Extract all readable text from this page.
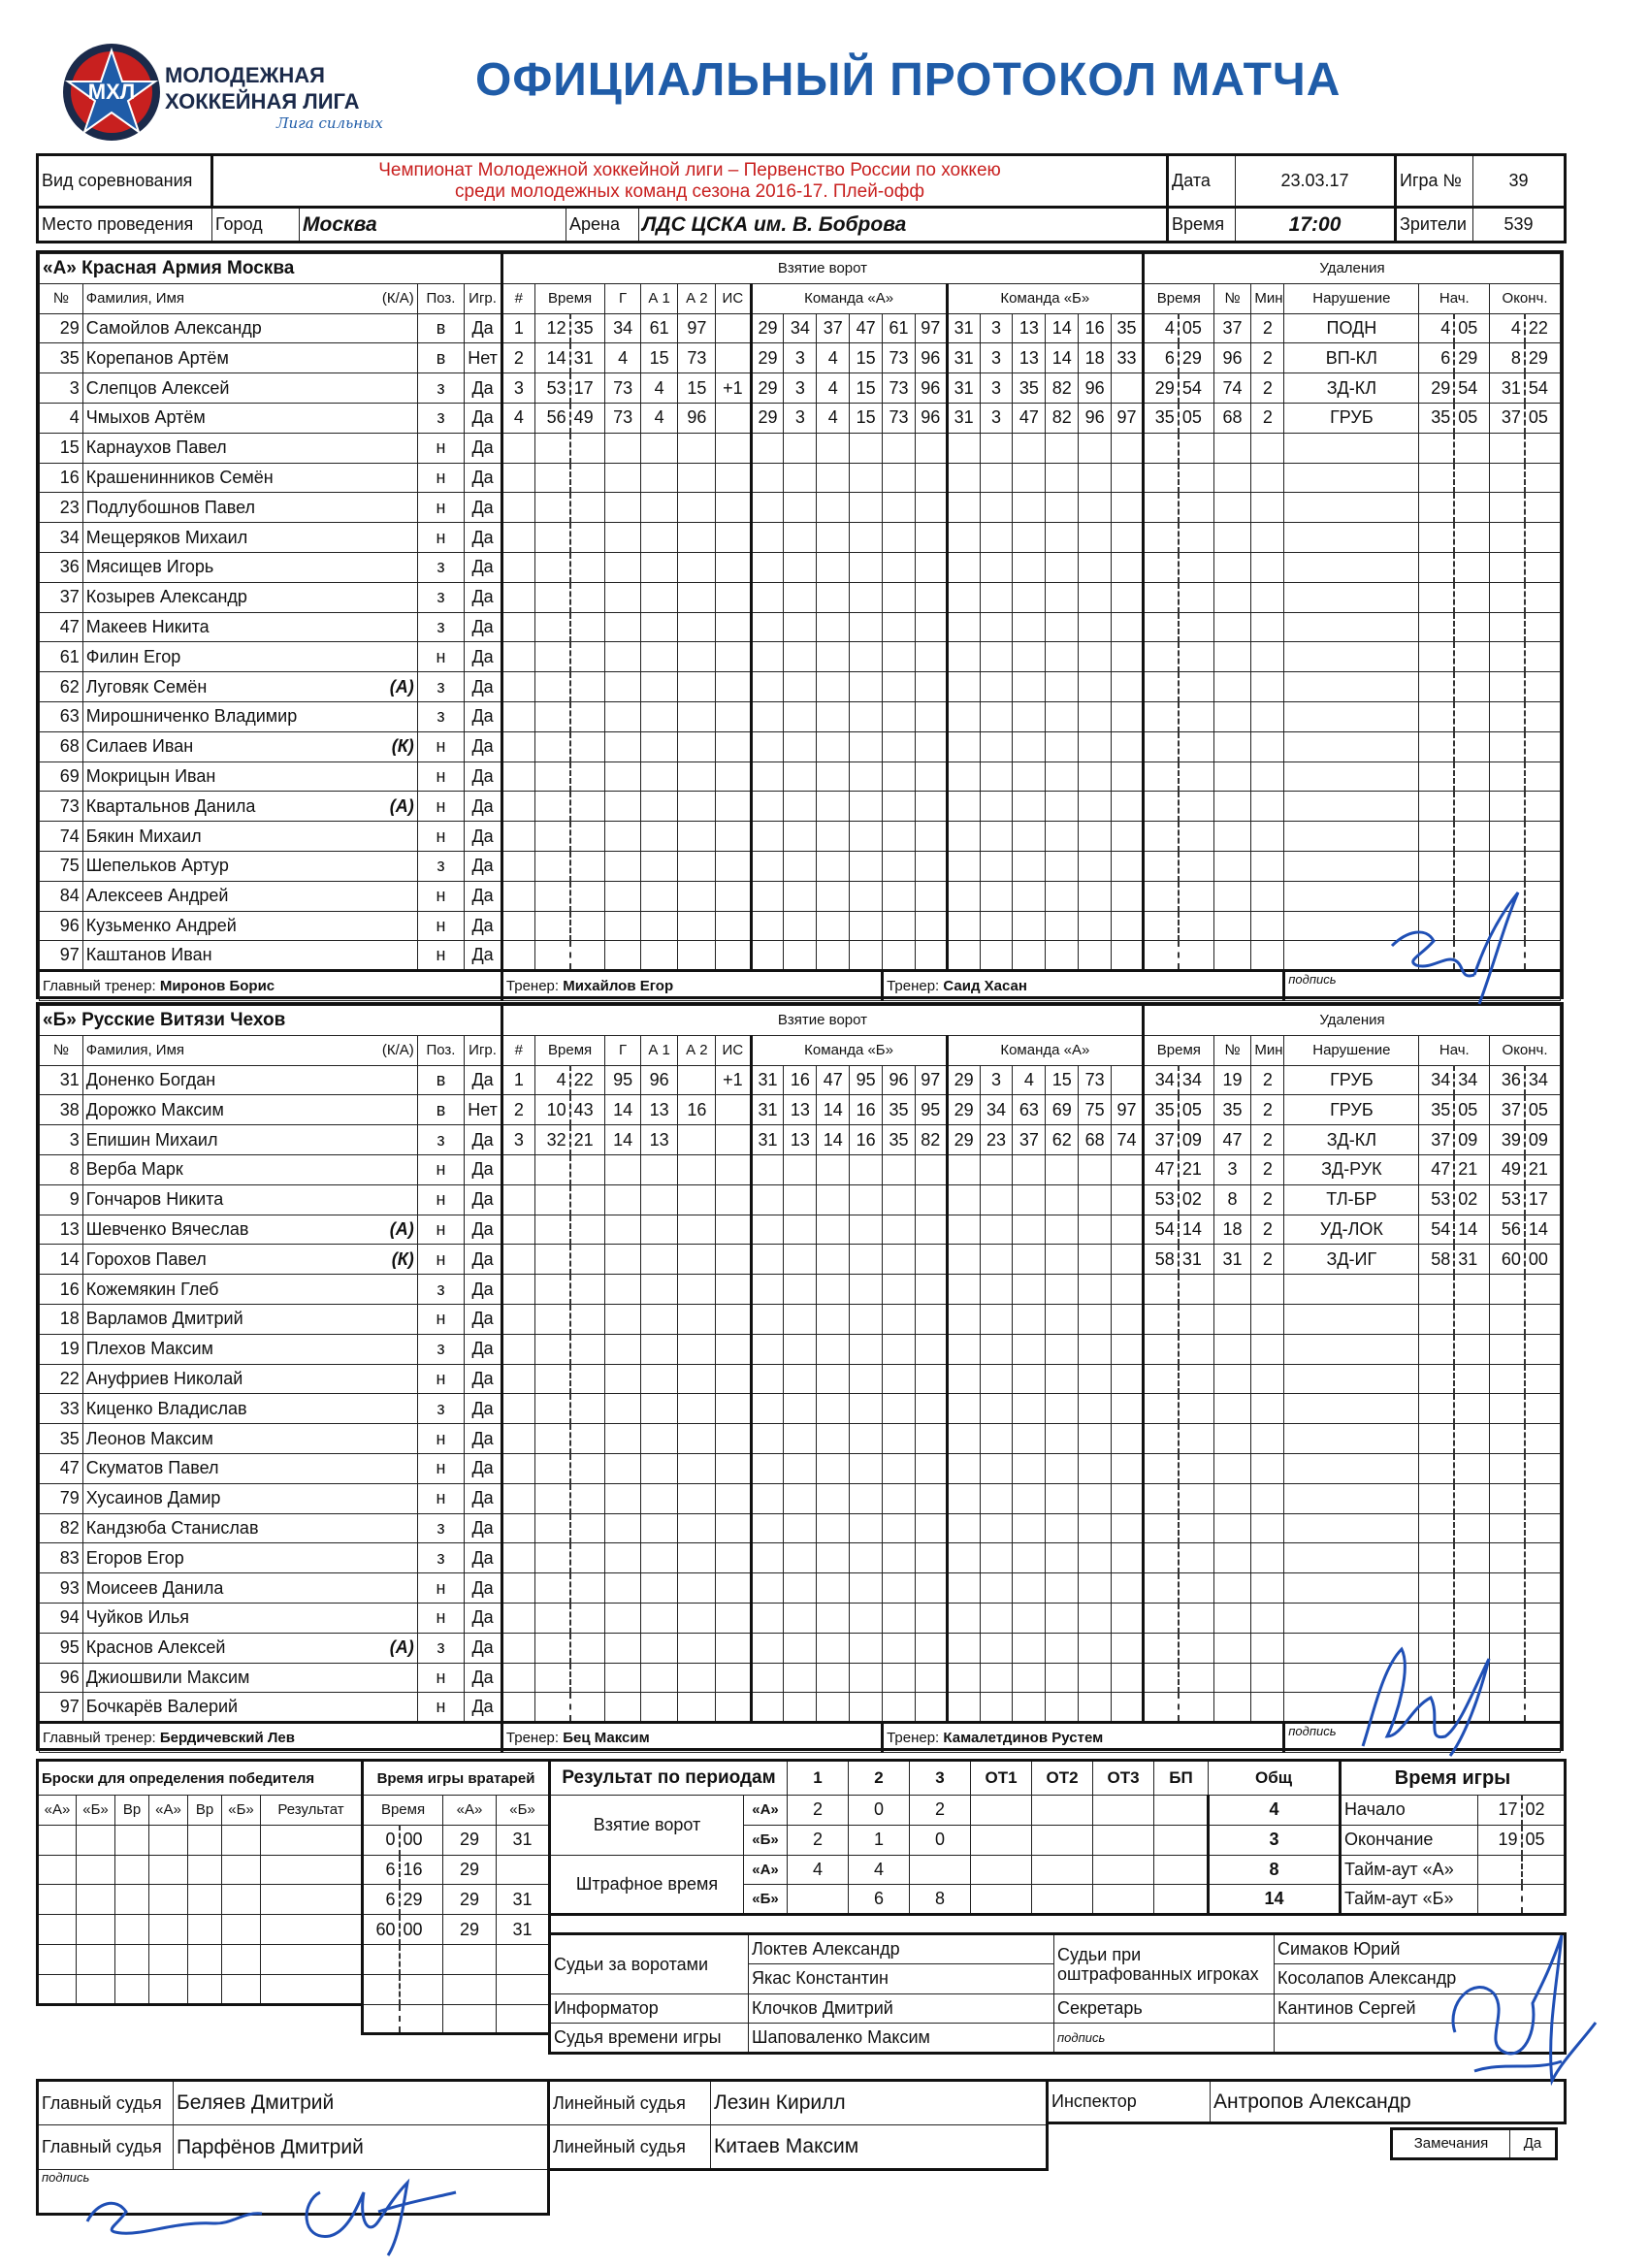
МХЛ
МОЛОДЕЖНАЯ
ХОККЕЙНАЯ ЛИГА
Лига сильных
ОФИЦИАЛЬНЫЙ ПРОТОКОЛ МАТЧА
Вид соревнования	Чемпионат Молодежной хоккейной лиги – Первенство России по хоккею
среди молодежных команд сезона 2016-17. Плей-офф				Дата	23.03.17	Игра №	39
Место проведения	Город	Москва	Арена	ЛДС ЦСКА им. В. Боброва	Время	17:00	Зрители	539
«А» Красная Армия Москва				Взятие ворот																			Удаления								
№	Фамилия, Имя (К/А)	Поз.	Игр.	#	Время		Г	А 1	А 2	ИС	Команда «А»						Команда «Б»						Время		№	Мин	Нарушение	Нач.		Оконч.	
29	Самойлов Александр	в	Да	1	12	35	34	61	97		29	34	37	47	61	97	31	3	13	14	16	35	4	05	37	2	ПОДН	4	05	4	22
35	Корепанов Артём	в	Нет	2	14	31	4	15	73		29	3	4	15	73	96	31	3	13	14	18	33	6	29	96	2	ВП-КЛ	6	29	8	29
3	Слепцов Алексей	з	Да	3	53	17	73	4	15	+1	29	3	4	15	73	96	31	3	35	82	96		29	54	74	2	ЗД-КЛ	29	54	31	54
4	Чмыхов Артём	з	Да	4	56	49	73	4	96		29	3	4	15	73	96	31	3	47	82	96	97	35	05	68	2	ГРУБ	35	05	37	05
15	Карнаухов Павел	н	Да																												
16	Крашенинников Семён	н	Да																												
23	Подлубошнов Павел	н	Да																												
34	Мещеряков Михаил	н	Да																												
36	Мясищев Игорь	з	Да																												
37	Козырев Александр	з	Да																												
47	Макеев Никита	з	Да																												
61	Филин Егор	н	Да																												
62	Луговяк Семён (А)	з	Да																												
63	Мирошниченко Владимир	з	Да																												
68	Силаев Иван (К)	н	Да																												
69	Мокрицын Иван	н	Да																												
73	Квартальнов Данила (А)	н	Да																												
74	Бякин Михаил	н	Да																												
75	Шепельков Артур	з	Да																												
84	Алексеев Андрей	н	Да																												
96	Кузьменко Андрей	н	Да																												
97	Каштанов Иван	н	Да																												
Главный тренер: Миронов Борис				Тренер: Михайлов Егор											Тренер: Саид Хасан												подпись				
«Б» Русские Витязи Чехов				Взятие ворот																			Удаления								
№	Фамилия, Имя (К/А)	Поз.	Игр.	#	Время		Г	А 1	А 2	ИС	Команда «Б»						Команда «А»						Время		№	Мин	Нарушение	Нач.		Оконч.	
31	Доненко Богдан	в	Да	1	4	22	95	96		+1	31	16	47	95	96	97	29	3	4	15	73		34	34	19	2	ГРУБ	34	34	36	34
38	Дорожко Максим	в	Нет	2	10	43	14	13	16		31	13	14	16	35	95	29	34	63	69	75	97	35	05	35	2	ГРУБ	35	05	37	05
3	Епишин Михаил	з	Да	3	32	21	14	13			31	13	14	16	35	82	29	23	37	62	68	74	37	09	47	2	ЗД-КЛ	37	09	39	09
8	Верба Марк	н	Да																				47	21	3	2	ЗД-РУК	47	21	49	21
9	Гончаров Никита	н	Да																				53	02	8	2	ТЛ-БР	53	02	53	17
13	Шевченко Вячеслав (А)	н	Да																				54	14	18	2	УД-ЛОК	54	14	56	14
14	Горохов Павел (К)	н	Да																				58	31	31	2	ЗД-ИГ	58	31	60	00
16	Кожемякин Глеб	з	Да																												
18	Варламов Дмитрий	н	Да																												
19	Плехов Максим	з	Да																												
22	Ануфриев Николай	н	Да																												
33	Киценко Владислав	з	Да																												
35	Леонов Максим	н	Да																												
47	Скуматов Павел	н	Да																												
79	Хусаинов Дамир	н	Да																												
82	Кандзюба Станислав	з	Да																												
83	Егоров Егор	з	Да																												
93	Моисеев Данила	н	Да																												
94	Чуйков Илья	н	Да																												
95	Краснов Алексей (А)	з	Да																												
96	Джиошвили Максим	н	Да																												
97	Бочкарёв Валерий	н	Да																												
Главный тренер: Бердичевский Лев				Тренер: Бец Максим											Тренер: Камалетдинов Рустем												подпись				
Броски для определения победителя						
«А»	«Б»	Вр	«А»	Вр	«Б»	Результат

Время игры вратарей			
Время		«А»	«Б»
0	00	29	31
6	16	29	
6	29	29	31
60	00	29	31

Результат по периодам		1	2	3	ОТ1	ОТ2	ОТ3	БП	Общ
Взятие ворот	«А»	2	0	2					4
	«Б»	2	1	0					3
Штрафное время	«А»	4	4						8
	«Б»		6	8					14
Время игры		
Начало	17	02
Окончание	19	05
Тайм-аут «А»		
Тайм-аут «Б»		
Судьи за воротами	Локтев Александр	Судьи при оштрафованных игроках	Симаков Юрий
	Якас Константин		Косолапов Александр
Информатор	Клочков Дмитрий	Секретарь	Кантинов Сергей
Судья времени игры	Шаповаленко Максим	подпись	
Главный судья	Беляев Дмитрий
Главный судья	Парфёнов Дмитрий
подпись	
Линейный судья	Лезин Кирилл
Линейный судья	Китаев Максим
Инспектор	Антропов Александр
Замечания	Да
